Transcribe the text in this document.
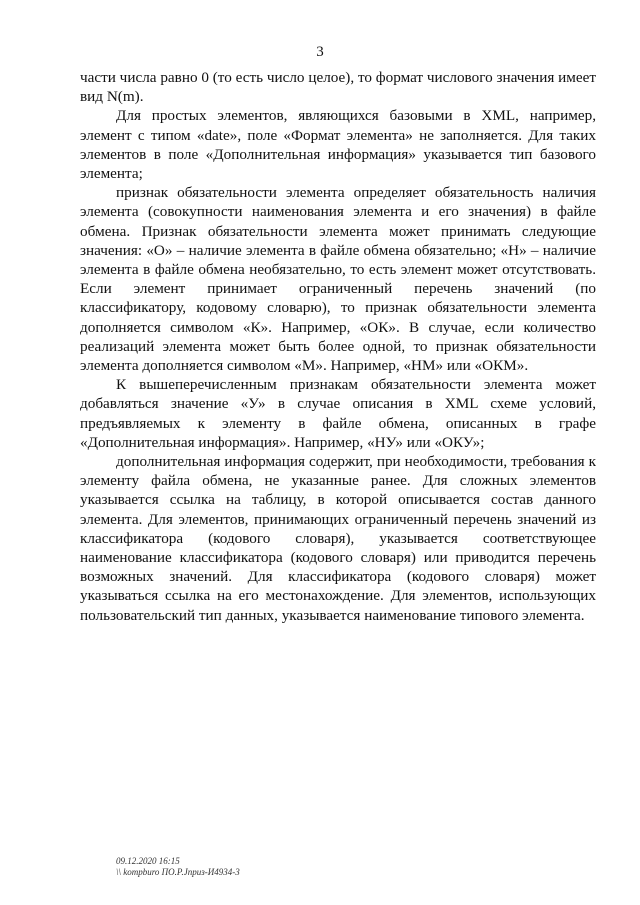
3

части числа равно 0 (то есть число целое), то формат числового значения имеет вид N(m).

Для простых элементов, являющихся базовыми в XML, например, элемент с типом «date», поле «Формат элемента» не заполняется. Для таких элементов в поле «Дополнительная информация» указывается тип базового элемента;

признак обязательности элемента определяет обязательность наличия элемента (совокупности наименования элемента и его значения) в файле обмена. Признак обязательности элемента может принимать следующие значения: «О» – наличие элемента в файле обмена обязательно; «Н» – наличие элемента в файле обмена необязательно, то есть элемент может отсутствовать. Если элемент принимает ограниченный перечень значений (по классификатору, кодовому словарю), то признак обязательности элемента дополняется символом «К». Например, «ОК». В случае, если количество реализаций элемента может быть более одной, то признак обязательности элемента дополняется символом «М». Например, «НМ» или «ОКМ».

К вышеперечисленным признакам обязательности элемента может добавляться значение «У» в случае описания в XML схеме условий, предъявляемых к элементу в файле обмена, описанных в графе «Дополнительная информация». Например, «НУ» или «ОКУ»;

дополнительная информация содержит, при необходимости, требования к элементу файла обмена, не указанные ранее. Для сложных элементов указывается ссылка на таблицу, в которой описывается состав данного элемента. Для элементов, принимающих ограниченный перечень значений из классификатора (кодового словаря), указывается соответствующее наименование классификатора (кодового словаря) или приводится перечень возможных значений. Для классификатора (кодового словаря) может указываться ссылка на его местонахождение. Для элементов, использующих пользовательский тип данных, указывается наименование типового элемента.

09.12.2020 16:15
\\ kompburo ПО.Р.Jприз-И4934-3
